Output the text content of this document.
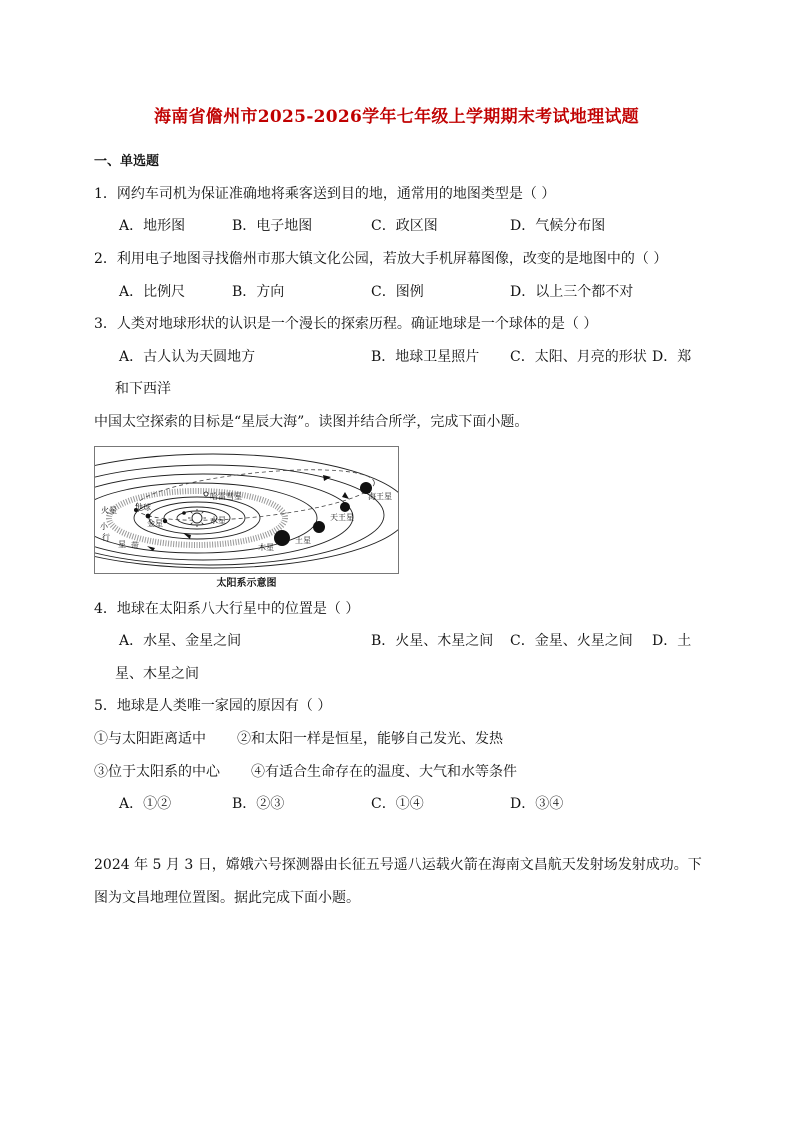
海南省儋州市2025-2026学年七年级上学期期末考试地理试题
一、单选题
1．网约车司机为保证准确地将乘客送到目的地，通常用的地图类型是（ ）
A．地形图	B．电子地图	C．政区图	D．气候分布图
2．利用电子地图寻找儋州市那大镇文化公园，若放大手机屏幕图像，改变的是地图中的（ ）
A．比例尺	B．方向	C．图例	D．以上三个都不对
3．人类对地球形状的认识是一个漫长的探索历程。确证地球是一个球体的是（ ）
A．古人认为天圆地方	B．地球卫星照片 C．太阳、月亮的形状 D．郑
和下西洋
中国太空探索的目标是“星辰大海”。读图并结合所学，完成下面小题。
哈雷彗星
水星
金星
地球
火星
木星
土星
天王星
海王星
小
行
星 带
太阳系示意图
4．地球在太阳系八大行星中的位置是（ ）
A．水星、金星之间	B．火星、木星之间 C．金星、火星之间 D．土
星、木星之间
5．地球是人类唯一家园的原因有（ ）
①与太阳距离适中 ②和太阳一样是恒星，能够自己发光、发热
③位于太阳系的中心 ④有适合生命存在的温度、大气和水等条件
A．①②	B．②③	C．①④	D．③④
2024 年 5 月 3 日，嫦娥六号探测器由长征五号遥八运载火箭在海南文昌航天发射场发射成功。下
图为文昌地理位置图。据此完成下面小题。
